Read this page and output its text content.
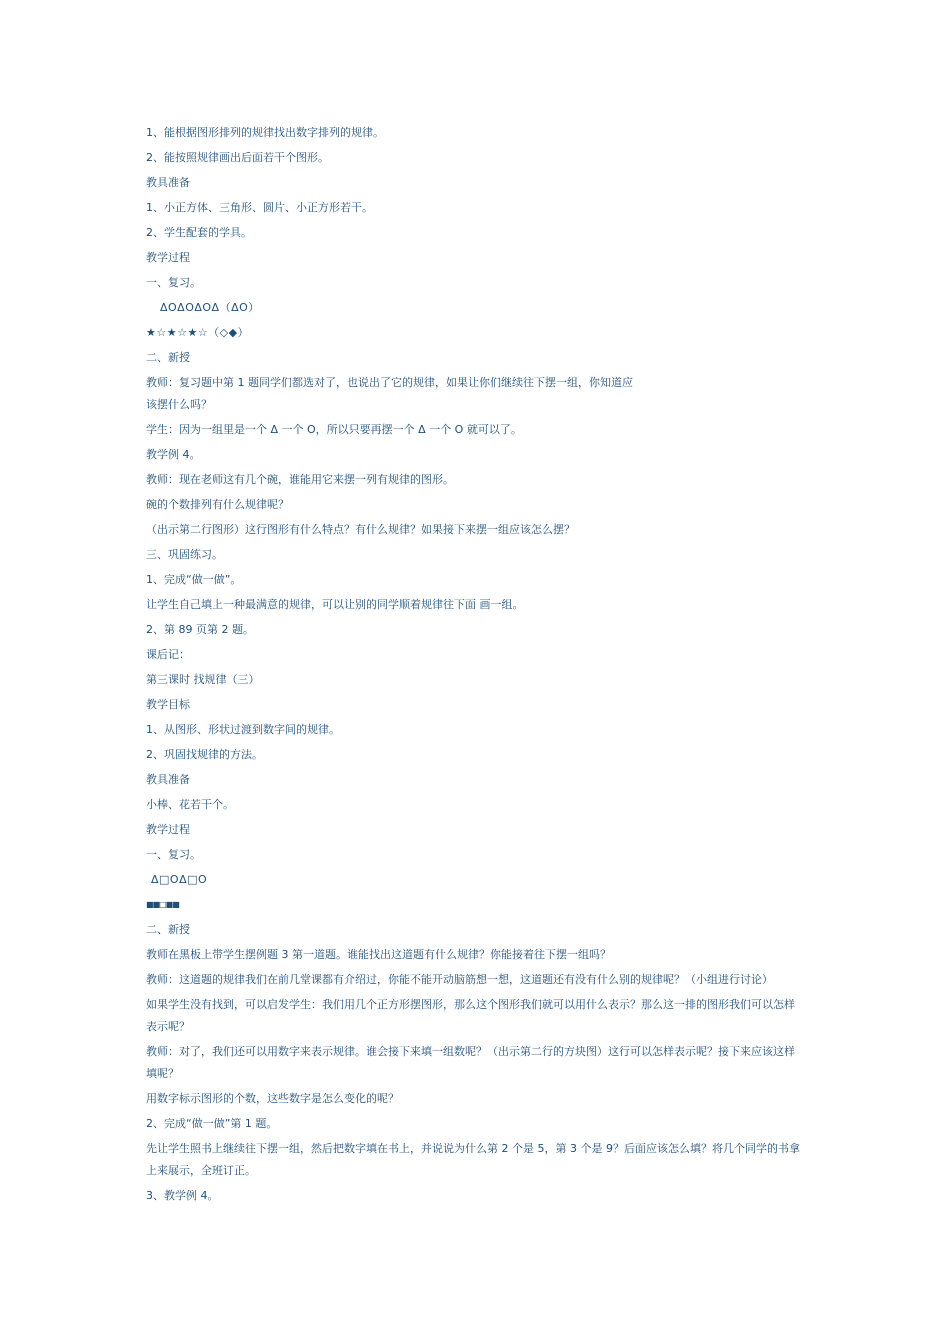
1、能根据图形排列的规律找出数字排列的规律。
2、能按照规律画出后面若干个图形。
教具准备
1、小正方体、三角形、圆片、小正方形若干。
2、学生配套的学具。
教学过程
一、复习。
ΔOΔOΔOΔ（ΔO）
★☆★☆★☆（◇◆）
二、新授
教师：复习题中第 1 题同学们都选对了，也说出了它的规律，如果让你们继续往下摆一组，你知道应
该摆什么吗？
学生：因为一组里是一个 Δ 一个 O，所以只要再摆一个 Δ 一个 O 就可以了。
教学例 4。
教师：现在老师这有几个碗，谁能用它来摆一列有规律的图形。
碗的个数排列有什么规律呢？
（出示第二行图形）这行图形有什么特点？有什么规律？如果接下来摆一组应该怎么摆？
三、巩固练习。
1、完成“做一做”。
让学生自己填上一种最满意的规律，可以让别的同学顺着规律往下面 画一组。
2、第 89 页第 2 题。
课后记：
第三课时 找规律（三）
教学目标
1、从图形、形状过渡到数字间的规律。
2、巩固找规律的方法。
教具准备
小棒、花若干个。
教学过程
一、复习。
Δ□OΔ□O
■■□■■
二、新授
教师在黑板上带学生摆例题 3 第一道题。谁能找出这道题有什么规律？你能接着往下摆一组吗？
教师：这道题的规律我们在前几堂课都有介绍过，你能不能开动脑筋想一想，这道题还有没有什么别的规律呢？（小组进行讨论）
如果学生没有找到，可以启发学生：我们用几个正方形摆图形，那么这个图形我们就可以用什么表示？那么这一排的图形我们可以怎样
表示呢？
教师：对了，我们还可以用数字来表示规律。谁会接下来填一组数呢？（出示第二行的方块图）这行可以怎样表示呢？接下来应该这样
填呢？
用数字标示图形的个数，这些数字是怎么变化的呢？
2、完成“做一做”第 1 题。
先让学生照书上继续往下摆一组，然后把数字填在书上，并说说为什么第 2 个是 5，第 3 个是 9？后面应该怎么填？将几个同学的书拿
上来展示，全班订正。
3、教学例 4。
